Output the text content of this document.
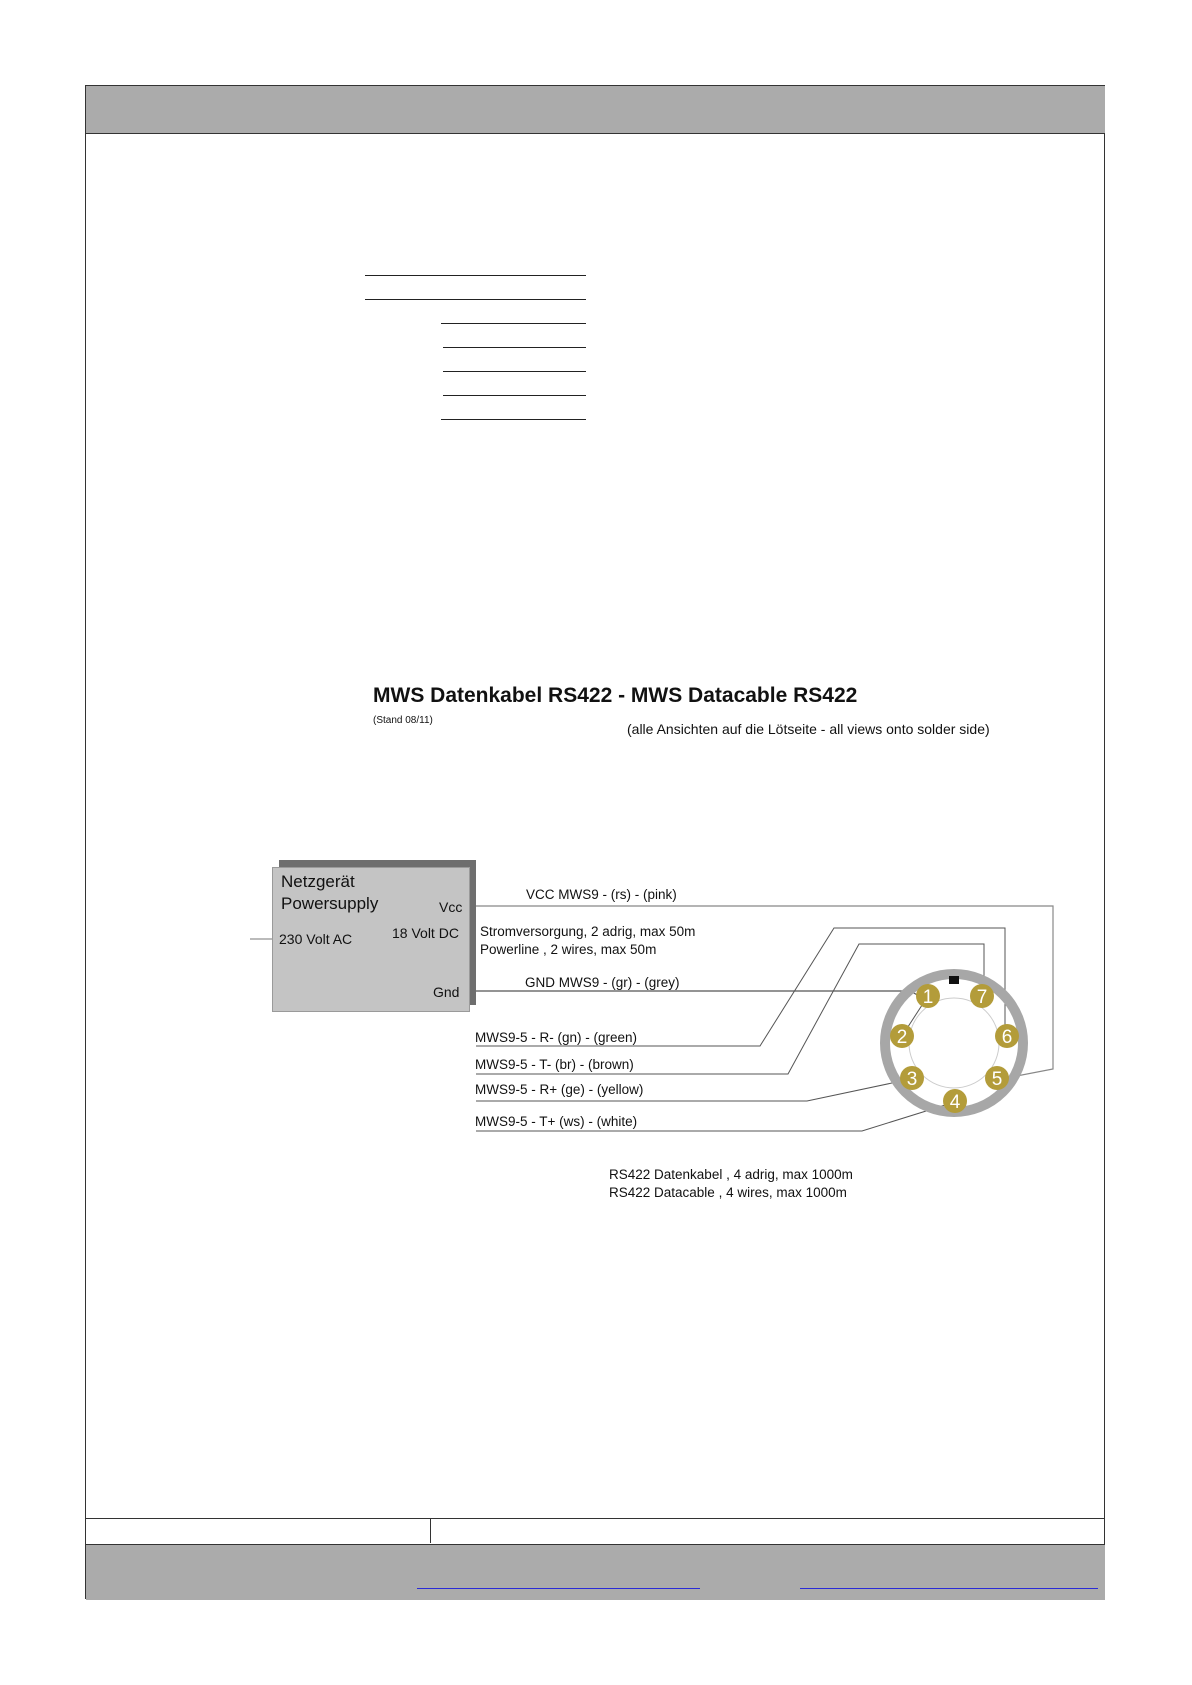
MWS Datenkabel RS422 - MWS Datacable RS422
(Stand 08/11)
(alle Ansichten auf die Lötseite - all views onto solder side)
1
2
3
4
5
6
7
Netzgerät
Powersupply
230 Volt AC	18 Volt DC
Vcc
Gnd
VCC MWS9 - (rs) - (pink)
Stromversorgung, 2 adrig, max 50m
Powerline , 2 wires, max 50m
GND MWS9 - (gr) - (grey)
MWS9-5 - R- (gn) - (green)
MWS9-5 - T- (br) - (brown)
MWS9-5 - R+ (ge) - (yellow)
MWS9-5 - T+ (ws) - (white)
RS422 Datenkabel , 4 adrig, max 1000m
RS422 Datacable , 4 wires, max 1000m
